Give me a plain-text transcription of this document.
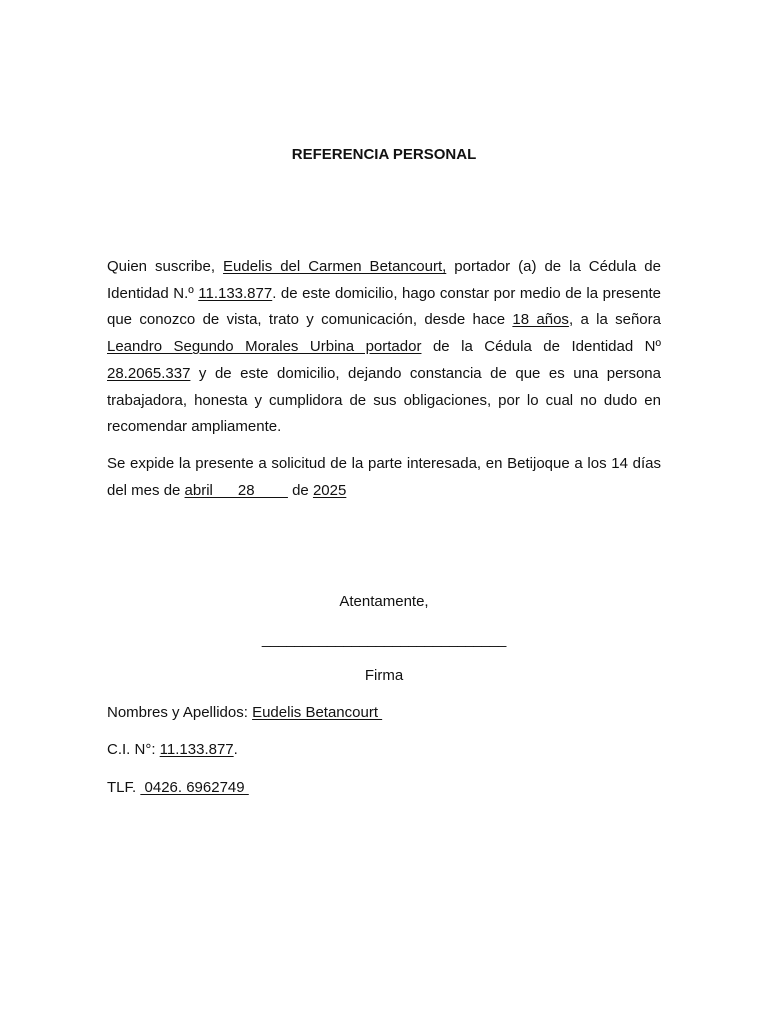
REFERENCIA PERSONAL

Quien suscribe, Eudelis del Carmen Betancourt, portador (a) de la Cédula de Identidad N.º 11.133.877. de este domicilio, hago constar por medio de la presente que conozco de vista, trato y comunicación, desde hace 18 años, a la señora Leandro Segundo Morales Urbina portador de la Cédula de Identidad Nº 28.2065.337 y de este domicilio, dejando constancia de que es una persona trabajadora, honesta y cumplidora de sus obligaciones, por lo cual no dudo en recomendar ampliamente.

Se expide la presente a solicitud de la parte interesada, en Betijoque a los 14 días del mes de abril      28         de 2025

Atentamente,
______________________________
Firma
Nombres y Apellidos: Eudelis Betancourt
C.I. N°: 11.133.877.
TLF.  0426. 6962749
